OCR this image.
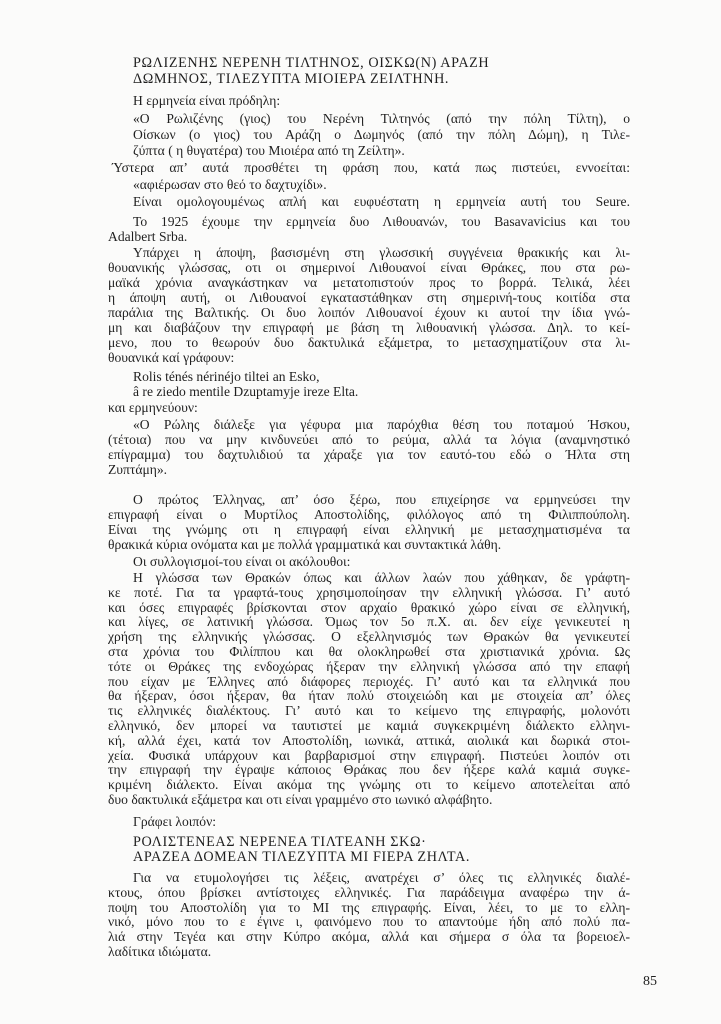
85
ΡΩΛΙΖΕΝΗΣ ΝΕΡΕΝΗ ΤΙΛΤΗΝΟΣ, ΟΙΣΚΩ(Ν) ΑΡΑΖΗ
ΔΩΜΗΝΟΣ, ΤΙΛΕΖΥΠΤΑ ΜΙΟΙΕΡΑ ΖΕΙΛΤΗΝΗ.
Η ερμηνεία είναι πρόδηλη:
«Ο Ρωλιζένης (γιος) του Νερένη Τιλτηνός (από την πόλη Τίλτη), ο
Οίσκων (ο γιος) του Αράζη ο Δωμηνός (από την πόλη Δώμη), η Τιλε-
ζύπτα ( η θυγατέρα) του Μιοιέρα από τη Ζείλτη».
Ύστερα απ’ αυτά προσθέτει τη φράση που, κατά πως πιστεύει, εννοείται:
«αφιέρωσαν στο θεό το δαχτυχίδι».
Είναι ομολογουμένως απλή και ευφυέστατη η ερμηνεία αυτή του Seure.
Το 1925 έχουμε την ερμηνεία δυο Λιθουανών, του Basavavicius και του
Adalbert Srba.
Υπάρχει η άποψη, βασισμένη στη γλωσσική συγγένεια θρακικής και λι-
θουανικής γλώσσας, οτι οι σημερινοί Λιθουανοί είναι Θράκες, που στα ρω-
μαϊκά χρόνια αναγκάστηκαν να μετατοπιστούν προς το βορρά. Τελικά, λέει
η άποψη αυτή, οι Λιθουανοί εγκαταστάθηκαν στη σημερινή-τους κοιτίδα στα
παράλια της Βαλτικής. Οι δυο λοιπόν Λιθουανοί έχουν κι αυτοί την ίδια γνώ-
μη και διαβάζουν την επιγραφή με βάση τη λιθουανική γλώσσα. Δηλ. το κεί-
μενο, που το θεωρούν δυο δακτυλικά εξάμετρα, το μετασχηματίζουν στα λι-
θουανικά καί γράφουν:
Rolis ténés nérinéjo tiltei an Esko,
â re ziedo mentile Dzuptamyje ireze Elta.
και ερμηνεύουν:
«Ο Ρώλης διάλεξε για γέφυρα μια παρόχθια θέση του ποταμού Ήσκου,
(τέτοια) που να μην κινδυνεύει από το ρεύμα, αλλά τα λόγια (αναμνηστικό
επίγραμμα) του δαχτυλιδιού τα χάραξε για τον εαυτό-του εδώ ο Ήλτα στη
Ζυπτάμη».
Ο πρώτος Έλληνας, απ’ όσο ξέρω, που επιχείρησε να ερμηνεύσει την
επιγραφή είναι ο Μυρτίλος Αποστολίδης, φιλόλογος από τη Φιλιππούπολη.
Είναι της γνώμης οτι η επιγραφή είναι ελληνική με μετασχηματισμένα τα
θρακικά κύρια ονόματα και με πολλά γραμματικά και συντακτικά λάθη.
Οι συλλογισμοί-του είναι οι ακόλουθοι:
Η γλώσσα των Θρακών όπως και άλλων λαών που χάθηκαν, δε γράφτη-
κε ποτέ. Για τα γραφτά-τους χρησιμοποίησαν την ελληνική γλώσσα. Γι’ αυτό
και όσες επιγραφές βρίσκονται στον αρχαίο θρακικό χώρο είναι σε ελληνική,
και λίγες, σε λατινική γλώσσα. Όμως τον 5ο π.Χ. αι. δεν είχε γενικευτεί η
χρήση της ελληνικής γλώσσας. Ο εξελληνισμός των Θρακών θα γενικευτεί
στα χρόνια του Φιλίππου και θα ολοκληρωθεί στα χριστιανικά χρόνια. Ως
τότε οι Θράκες της ενδοχώρας ήξεραν την ελληνική γλώσσα από την επαφή
που είχαν με Έλληνες από διάφορες περιοχές. Γι’ αυτό και τα ελληνικά που
θα ήξεραν, όσοι ήξεραν, θα ήταν πολύ στοιχειώδη και με στοιχεία απ’ όλες
τις ελληνικές διαλέκτους. Γι’ αυτό και το κείμενο της επιγραφής, μολονότι
ελληνικό, δεν μπορεί να ταυτιστεί με καμιά συγκεκριμένη διάλεκτο ελληνι-
κή, αλλά έχει, κατά τον Αποστολίδη, ιωνικά, αττικά, αιολικά και δωρικά στοι-
χεία. Φυσικά υπάρχουν και βαρβαρισμοί στην επιγραφή. Πιστεύει λοιπόν οτι
την επιγραφή την έγραψε κάποιος Θράκας που δεν ήξερε καλά καμιά συγκε-
κριμένη διάλεκτο. Είναι ακόμα της γνώμης οτι το κείμενο αποτελείται από
δυο δακτυλικά εξάμετρα και οτι είναι γραμμένο στο ιωνικό αλφάβητο.
Γράφει λοιπόν:
ΡΟΛΙΣΤΕΝΕΑΣ ΝΕΡΕΝΕΑ ΤΙΛΤΕΑΝΗ ΣΚΩ·
ΑΡΑΖΕΑ ΔΟΜΕΑΝ ΤΙΛΕΖΥΠΤΑ ΜΙ FIEPA ΖΗΛΤΑ.
Για να ετυμολογήσει τις λέξεις, ανατρέχει σ’ όλες τις ελληνικές διαλέ-
κτους, όπου βρίσκει αντίστοιχες ελληνικές. Για παράδειγμα αναφέρω την ά-
ποψη του Αποστολίδη για το ΜΙ της επιγραφής. Είναι, λέει, το με το ελλη-
νικό, μόνο που το ε έγινε ι, φαινόμενο που το απαντούμε ήδη από πολύ πα-
λιά στην Τεγέα και στην Κύπρο ακόμα, αλλά και σήμερα σ όλα τα βορειοελ-
λαδίτικα ιδιώματα.
